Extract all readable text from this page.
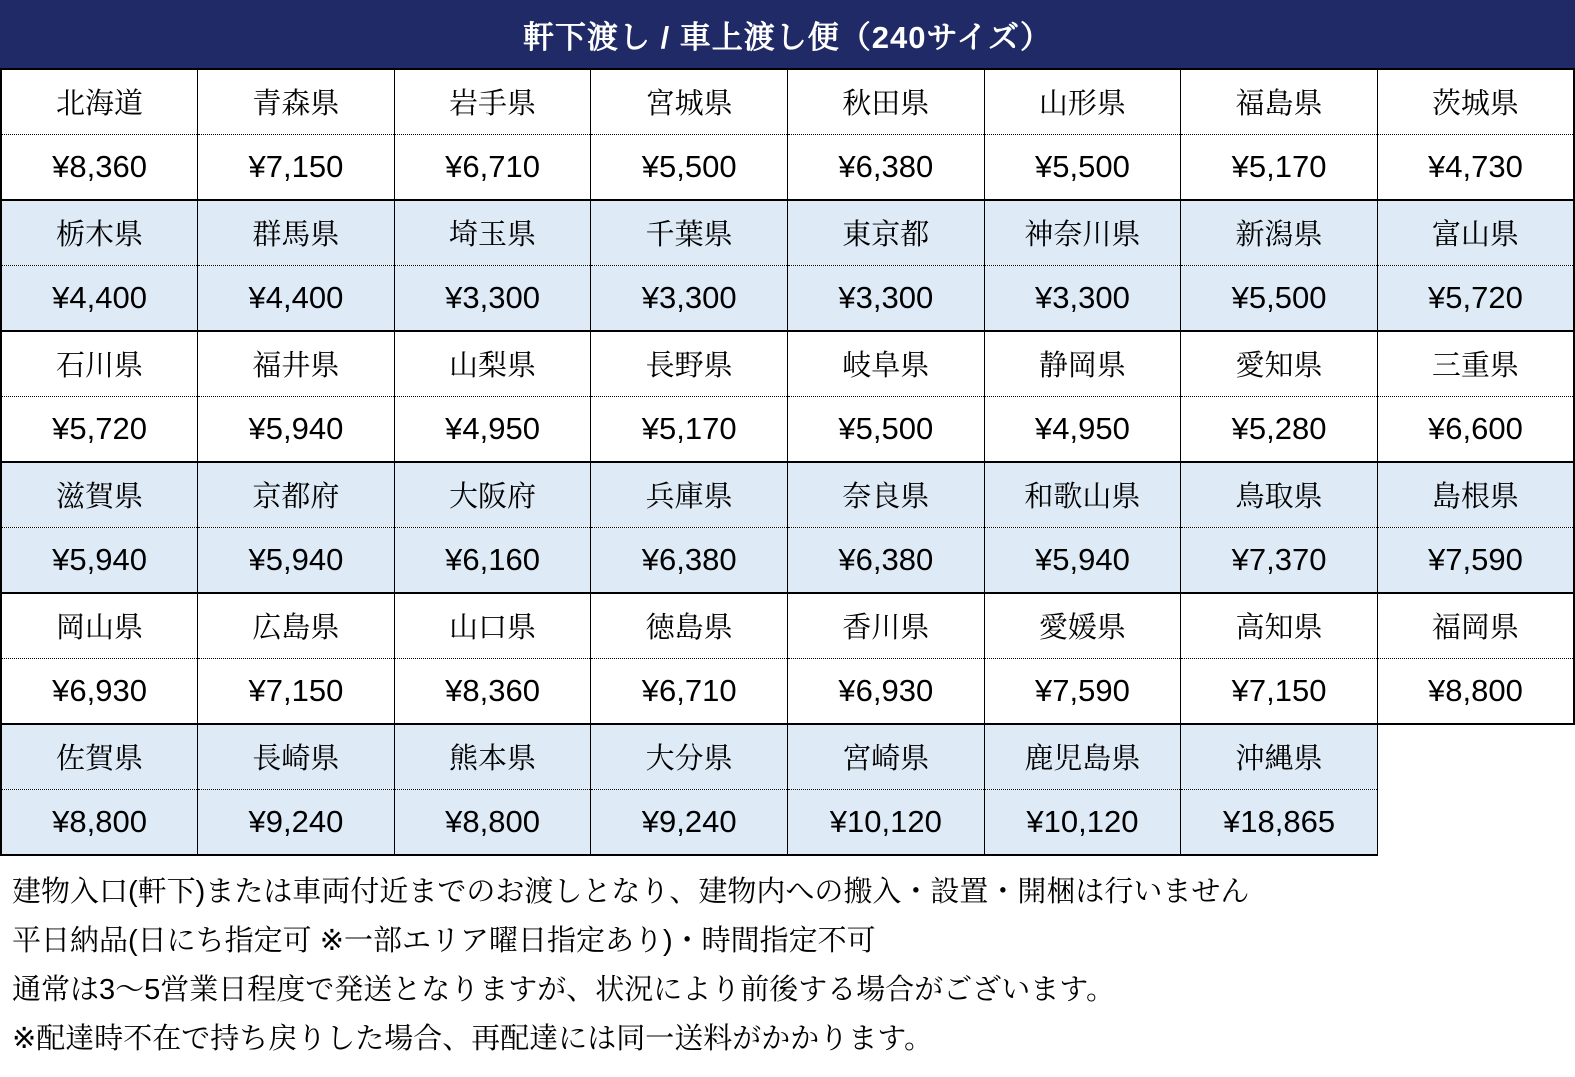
軒下渡し / 車上渡し便（240サイズ）
北海道	青森県	岩手県	宮城県	秋田県	山形県	福島県	茨城県
¥8,360	¥7,150	¥6,710	¥5,500	¥6,380	¥5,500	¥5,170	¥4,730
栃木県	群馬県	埼玉県	千葉県	東京都	神奈川県	新潟県	富山県
¥4,400	¥4,400	¥3,300	¥3,300	¥3,300	¥3,300	¥5,500	¥5,720
石川県	福井県	山梨県	長野県	岐阜県	静岡県	愛知県	三重県
¥5,720	¥5,940	¥4,950	¥5,170	¥5,500	¥4,950	¥5,280	¥6,600
滋賀県	京都府	大阪府	兵庫県	奈良県	和歌山県	鳥取県	島根県
¥5,940	¥5,940	¥6,160	¥6,380	¥6,380	¥5,940	¥7,370	¥7,590
岡山県	広島県	山口県	徳島県	香川県	愛媛県	高知県	福岡県
¥6,930	¥7,150	¥8,360	¥6,710	¥6,930	¥7,590	¥7,150	¥8,800
佐賀県	長崎県	熊本県	大分県	宮崎県	鹿児島県	沖縄県	
¥8,800	¥9,240	¥8,800	¥9,240	¥10,120	¥10,120	¥18,865	
建物入口(軒下)または車両付近までのお渡しとなり、建物内への搬入・設置・開梱は行いません
平日納品(日にち指定可 ※一部エリア曜日指定あり)・時間指定不可
通常は3〜5営業日程度で発送となりますが、状況により前後する場合がございます。
※配達時不在で持ち戻りした場合、再配達には同一送料がかかります。
